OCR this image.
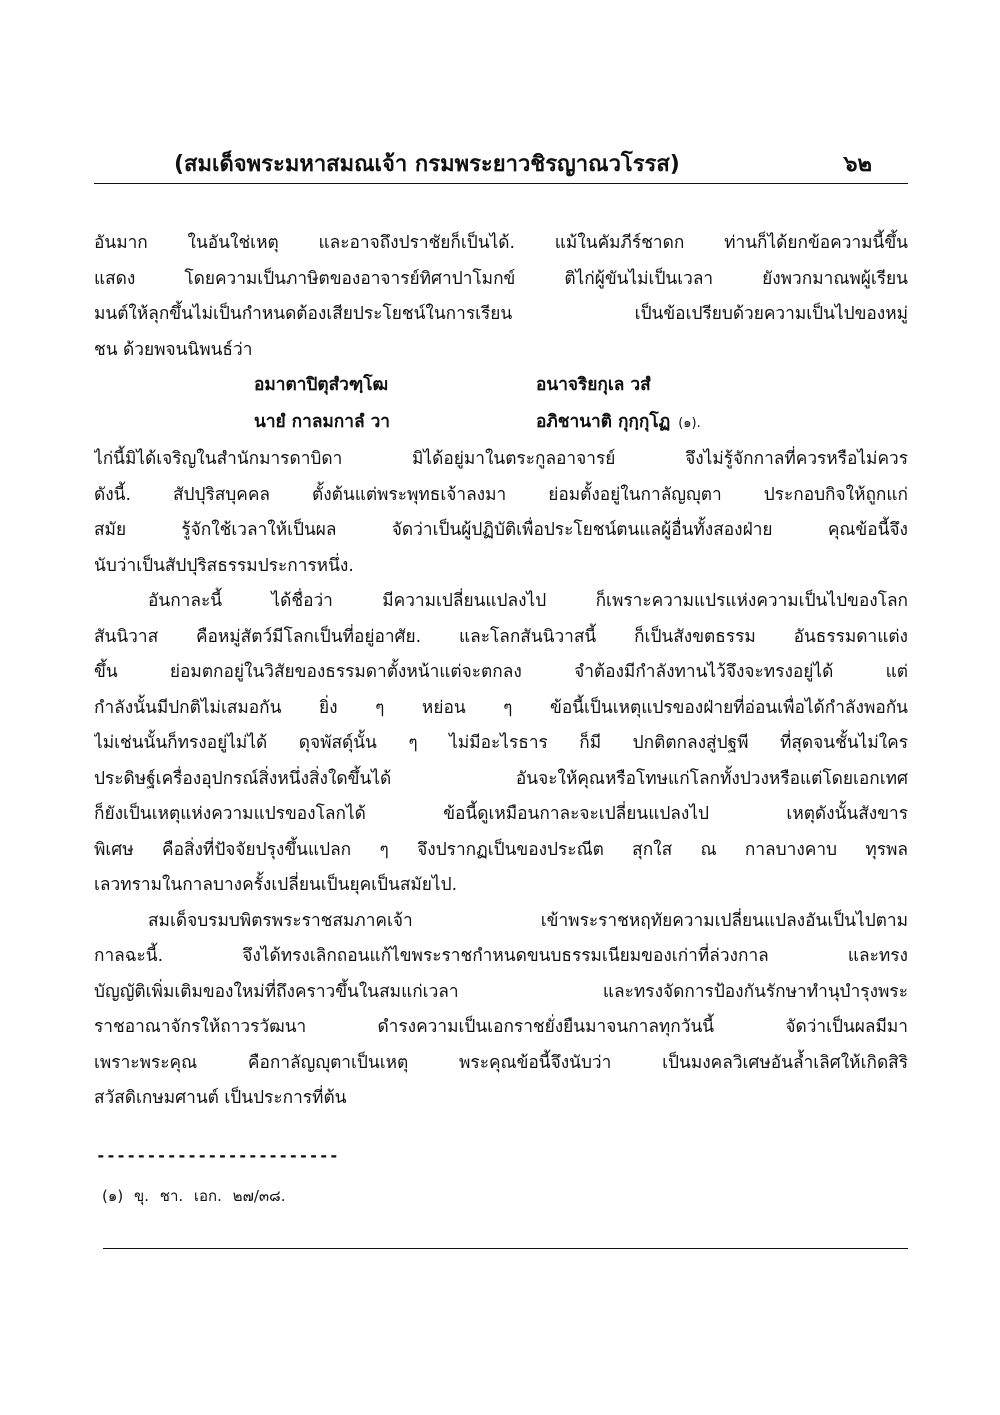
(สมเด็จพระมหาสมณเจ้า กรมพระยาวชิรญาณวโรรส)	๖๒
อันมาก ในอันใช่เหตุ และอาจถึงปราชัยก็เป็นได้. แม้ในคัมภีร์ชาดก ท่านก็ได้ยกข้อความนี้ขึ้น
แสดง โดยความเป็นภาษิตของอาจารย์ทิศาปาโมกข์ ติไก่ผู้ขันไม่เป็นเวลา ยังพวกมาณพผู้เรียน
มนต์ให้ลุกขึ้นไม่เป็นกำหนดต้องเสียประโยชน์ในการเรียน เป็นข้อเปรียบด้วยความเป็นไปของหมู่
ชน ด้วยพจนนิพนธ์ว่า
อมาตาปิตุสํวฑฺโฒ	อนาจริยกุเล วสํ
นายํ กาลมกาลํ วา	อภิชานาติ กุกฺกุโฏ (๑).
ไก่นี้มิได้เจริญในสำนักมารดาบิดา มิได้อยู่มาในตระกูลอาจารย์ จึงไม่รู้จักกาลที่ควรหรือไม่ควร
ดังนี้. สัปปุริสบุคคล ตั้งต้นแต่พระพุทธเจ้าลงมา ย่อมตั้งอยู่ในกาลัญญุตา ประกอบกิจให้ถูกแก่
สมัย รู้จักใช้เวลาให้เป็นผล จัดว่าเป็นผู้ปฏิบัติเพื่อประโยชน์ตนแลผู้อื่นทั้งสองฝ่าย คุณข้อนี้จึง
นับว่าเป็นสัปปุริสธรรมประการหนึ่ง.
อันกาละนี้ ได้ชื่อว่า มีความเปลี่ยนแปลงไป ก็เพราะความแปรแห่งความเป็นไปของโลก
สันนิวาส คือหมู่สัตว์มีโลกเป็นที่อยู่อาศัย. และโลกสันนิวาสนี้ ก็เป็นสังขตธรรม อันธรรมดาแต่ง
ขึ้น ย่อมตกอยู่ในวิสัยของธรรมดาตั้งหน้าแต่จะตกลง จำต้องมีกำลังทานไว้จึงจะทรงอยู่ได้ แต่
กำลังนั้นมีปกติไม่เสมอกัน ยิ่ง ๆ หย่อน ๆ ข้อนี้เป็นเหตุแปรของฝ่ายที่อ่อนเพื่อได้กำลังพอกัน
ไม่เช่นนั้นก็ทรงอยู่ไม่ได้ ดุจพัสดุ์นั้น ๆ ไม่มีอะไรธาร ก็มี ปกติตกลงสู่ปฐพี ที่สุดจนชั้นไม่ใคร
ประดิษฐ์เครื่องอุปกรณ์สิ่งหนึ่งสิ่งใดขึ้นได้ อันจะให้คุณหรือโทษแก่โลกทั้งปวงหรือแต่โดยเอกเทศ
ก็ยังเป็นเหตุแห่งความแปรของโลกได้ ข้อนี้ดูเหมือนกาละจะเปลี่ยนแปลงไป เหตุดังนั้นสังขาร
พิเศษ คือสิ่งที่ปัจจัยปรุงขึ้นแปลก ๆ จึงปรากฏเป็นของประณีต สุกใส ณ กาลบางคาบ ทุรพล
เลวทรามในกาลบางครั้งเปลี่ยนเป็นยุคเป็นสมัยไป.
สมเด็จบรมบพิตรพระราชสมภาคเจ้า เข้าพระราชหฤทัยความเปลี่ยนแปลงอันเป็นไปตาม
กาลฉะนี้. จึงได้ทรงเลิกถอนแก้ไขพระราชกำหนดขนบธรรมเนียมของเก่าที่ล่วงกาล และทรง
บัญญัติเพิ่มเติมของใหม่ที่ถึงคราวขึ้นในสมแก่เวลา และทรงจัดการป้องกันรักษาทำนุบำรุงพระ
ราชอาณาจักรให้ถาวรวัฒนา ดำรงความเป็นเอกราชยั่งยืนมาจนกาลทุกวันนี้ จัดว่าเป็นผลมีมา
เพราะพระคุณ คือกาลัญญุตาเป็นเหตุ พระคุณข้อนี้จึงนับว่า เป็นมงคลวิเศษอันล้ำเลิศให้เกิดสิริ
สวัสดิเกษมศานต์ เป็นประการที่ต้น
------------------------
(๑) ขุ. ชา. เอก. ๒๗/๓๘.
